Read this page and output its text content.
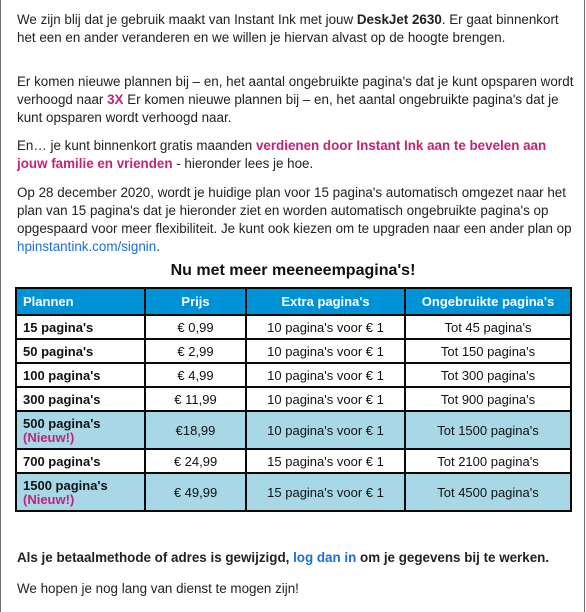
We zijn blij dat je gebruik maakt van Instant Ink met jouw DeskJet 2630. Er gaat binnenkort het een en ander veranderen en we willen je hiervan alvast op de hoogte brengen.

Er komen nieuwe plannen bij – en, het aantal ongebruikte pagina's dat je kunt opsparen wordt verhoogd naar 3X Er komen nieuwe plannen bij – en, het aantal ongebruikte pagina's dat je kunt opsparen wordt verhoogd naar.

En… je kunt binnenkort gratis maanden verdienen door Instant Ink aan te bevelen aan jouw familie en vrienden - hieronder lees je hoe.

Op 28 december 2020, wordt je huidige plan voor 15 pagina's automatisch omgezet naar het plan van 15 pagina's dat je hieronder ziet en worden automatisch ongebruikte pagina's op opgespaard voor meer flexibiliteit. Je kunt ook kiezen om te upgraden naar een ander plan op hpinstantink.com/signin.

Nu met meer meeneempagina's!
Plannen	Prijs	Extra pagina's	Ongebruikte pagina's
15 pagina's	€ 0,99	10 pagina's voor € 1	Tot 45 pagina's
50 pagina's	€ 2,99	10 pagina's voor € 1	Tot 150 pagina's
100 pagina's	€ 4,99	10 pagina's voor € 1	Tot 300 pagina's
300 pagina's	€ 11,99	10 pagina's voor € 1	Tot 900 pagina's

500 pagina's
(Nieuw!)	€18,99	10 pagina's voor € 1	Tot 1500 pagina's
700 pagina's	€ 24,99	15 pagina's voor € 1	Tot 2100 pagina's

1500 pagina's
(Nieuw!)	€ 49,99	15 pagina's voor € 1	Tot 4500 pagina's

Als je betaalmethode of adres is gewijzigd, log dan in om je gegevens bij te werken.

We hopen je nog lang van dienst te mogen zijn!
